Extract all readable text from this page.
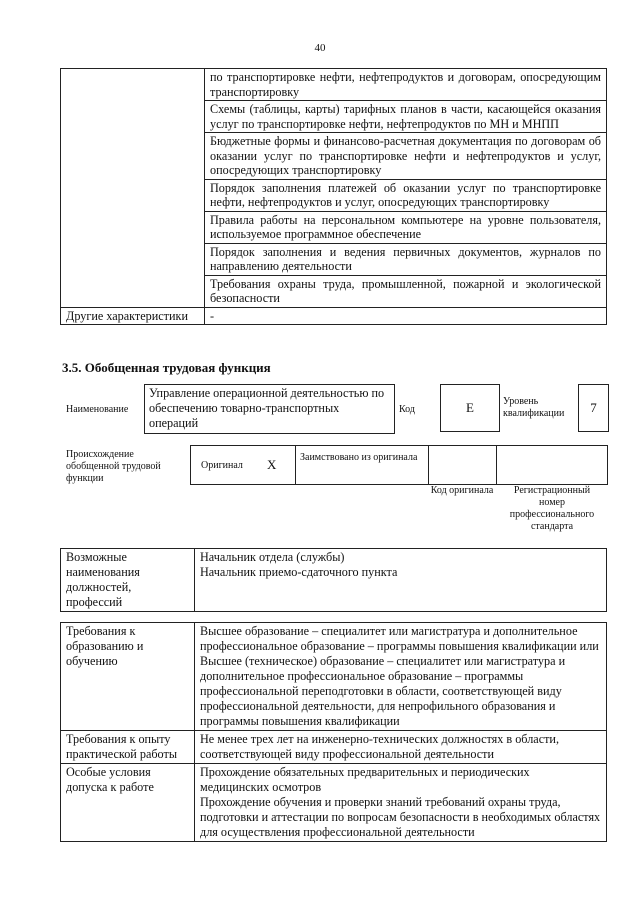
40
	по транспортировке нефти, нефтепродуктов и договорам, опосредующим транспортировку
	Схемы (таблицы, карты) тарифных планов в части, касающейся оказания услуг по транспортировке нефти, нефтепродуктов по МН и МНПП
	Бюджетные формы и финансово-расчетная документация по договорам об оказании услуг по транспортировке нефти и нефтепродуктов и услуг, опосредующих транспортировку
	Порядок заполнения платежей об оказании услуг по транспортировке нефти, нефтепродуктов и услуг, опосредующих транспортировку
	Правила работы на персональном компьютере на уровне пользователя, используемое программное обеспечение
	Порядок заполнения и ведения первичных документов, журналов по направлению деятельности
	Требования охраны труда, промышленной, пожарной и экологической безопасности
Другие характеристики	-
3.5. Обобщенная трудовая функция
Наименование
Управление операционной деятельностью по обеспечению товарно-транспортных операций
Код	E	Уровень квалификации	7
Происхождение обобщенной трудовой функции
Оригинал X Заимствовано из оригинала
Код оригинала	Регистрационный номер профессионального стандарта
Возможные наименования должностей, профессий	
Начальник отдела (службы)
Начальник приемо-сдаточного пункта
Требования к образованию и обучению	Высшее образование – специалитет или магистратура и дополнительное профессиональное образование – программы повышения квалификации или
Высшее (техническое) образование – специалитет или магистратура и дополнительное профессиональное образование – программы профессиональной переподготовки в области, соответствующей виду профессиональной деятельности, для непрофильного образования и программы повышения квалификации

Требования к опыту практической работы	Не менее трех лет на инженерно-технических должностях в области, соответствующей виду профессиональной деятельности

Особые условия допуска к работе	Прохождение обязательных предварительных и периодических медицинских осмотров
Прохождение обучения и проверки знаний требований охраны труда, подготовки и аттестации по вопросам безопасности в необходимых областях для осуществления профессиональной деятельности
